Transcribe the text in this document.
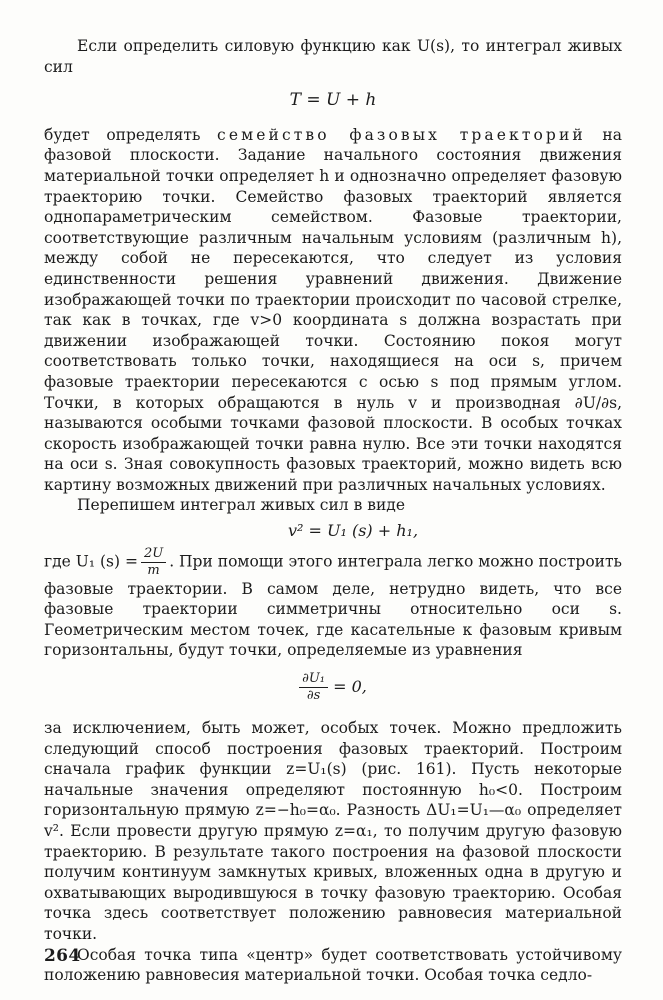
Если определить силовую функцию как U(s), то интеграл живых сил

T = U + h

будет определять семейство фазовых траекторий на фазовой плоскости. Задание начального состояния движения материальной точки определяет h и однозначно определяет фазовую траекторию точки. Семейство фазовых траекторий является однопараметрическим семейством. Фазовые траектории, соответствующие различным начальным условиям (различным h), между собой не пересекаются, что следует из условия единственности решения уравнений движения. Движение изображающей точки по траектории происходит по часовой стрелке, так как в точках, где v>0 координата s должна возрастать при движении изображающей точки. Состоянию покоя могут соответствовать только точки, находящиеся на оси s, причем фазовые траектории пересекаются с осью s под прямым углом. Точки, в которых обращаются в нуль v и производная ∂U/∂s, называются особыми точками фазовой плоскости. В особых точках скорость изображающей точки равна нулю. Все эти точки находятся на оси s. Зная совокупность фазовых траекторий, можно видеть всю картину возможных движений при различных начальных условиях.

Перепишем интеграл живых сил в виде

v² = U₁ (s) + h₁,

где U₁ $(s) = \frac{2U}{m}$ . При помощи этого интеграла легко можно построить фазовые траектории. В самом деле, нетрудно видеть, что все фазовые траектории симметричны относительно оси s. Геометрическим местом точек, где касательные к фазовым кривым горизонтальны, будут точки, определяемые из уравнения

$\frac{\text{∂U₁}}{\partial s} = 0$,

за исключением, быть может, особых точек. Можно предложить следующий способ построения фазовых траекторий. Построим сначала график функции z=U₁(s) (рис. 161). Пусть некоторые начальные значения определяют постоянную h₀<0. Построим горизонтальную прямую z=−h₀=α₀. Разность ΔU₁=U₁—α₀ определяет v². Если провести другую прямую z=α₁, то получим другую фазовую траекторию. В результате такого построения на фазовой плоскости получим континуум замкнутых кривых, вложенных одна в другую и охватывающих выродившуюся в точку фазовую траекторию. Особая точка здесь соответствует положению равновесия материальной точки.

Особая точка типа «центр» будет соответствовать устойчивому положению равновесия материальной точки. Особая точка седло-

264
